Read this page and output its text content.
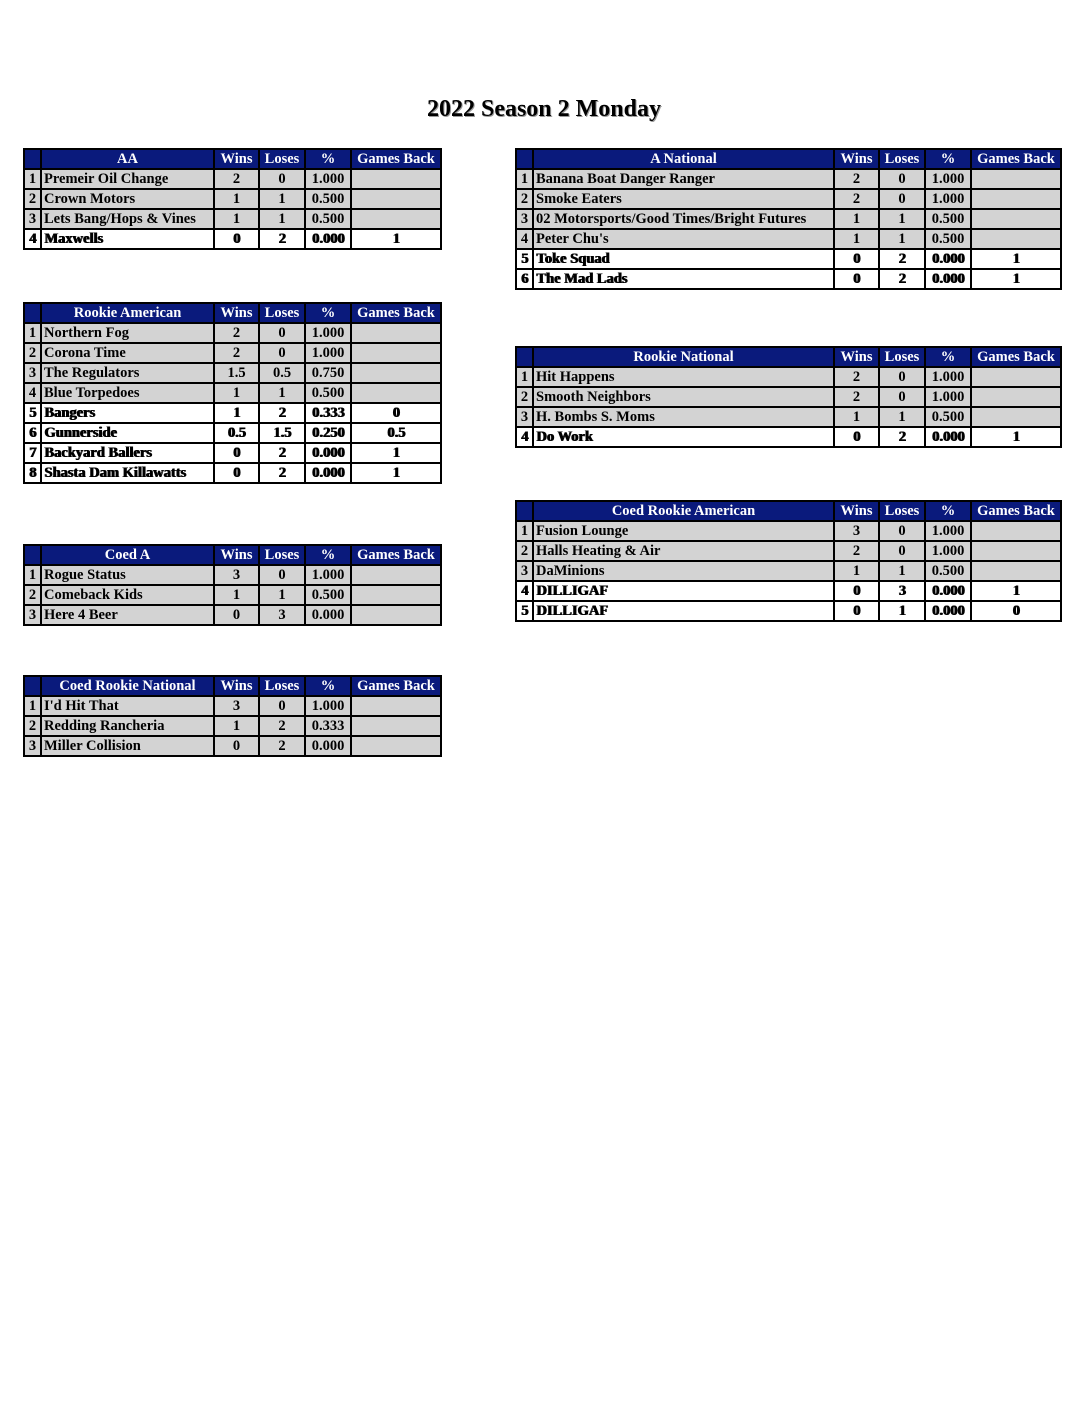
2022 Season 2 Monday
	AA	Wins	Loses	%	Games Back
1	Premeir Oil Change	2	0	1.000	
2	Crown Motors	1	1	0.500	
3	Lets Bang/Hops & Vines	1	1	0.500	
4	Maxwells	0	2	0.000	1
	A National	Wins	Loses	%	Games Back
1	Banana Boat Danger Ranger	2	0	1.000	
2	Smoke Eaters	2	0	1.000	
3	02 Motorsports/Good Times/Bright Futures	1	1	0.500	
4	Peter Chu's	1	1	0.500	
5	Toke Squad	0	2	0.000	1
6	The Mad Lads	0	2	0.000	1
	Rookie American	Wins	Loses	%	Games Back
1	Northern Fog	2	0	1.000	
2	Corona Time	2	0	1.000	
3	The Regulators	1.5	0.5	0.750	
4	Blue Torpedoes	1	1	0.500	
5	Bangers	1	2	0.333	0
6	Gunnerside	0.5	1.5	0.250	0.5
7	Backyard Ballers	0	2	0.000	1
8	Shasta Dam Killawatts	0	2	0.000	1
	Rookie National	Wins	Loses	%	Games Back
1	Hit Happens	2	0	1.000	
2	Smooth Neighbors	2	0	1.000	
3	H. Bombs S. Moms	1	1	0.500	
4	Do Work	0	2	0.000	1
	Coed Rookie American	Wins	Loses	%	Games Back
1	Fusion Lounge	3	0	1.000	
2	Halls Heating & Air	2	0	1.000	
3	DaMinions	1	1	0.500	
4	DILLIGAF	0	3	0.000	1
5	DILLIGAF	0	1	0.000	0
	Coed A	Wins	Loses	%	Games Back
1	Rogue Status	3	0	1.000	
2	Comeback Kids	1	1	0.500	
3	Here 4 Beer	0	3	0.000	
	Coed Rookie National	Wins	Loses	%	Games Back
1	I'd Hit That	3	0	1.000	
2	Redding Rancheria	1	2	0.333	
3	Miller Collision	0	2	0.000	
